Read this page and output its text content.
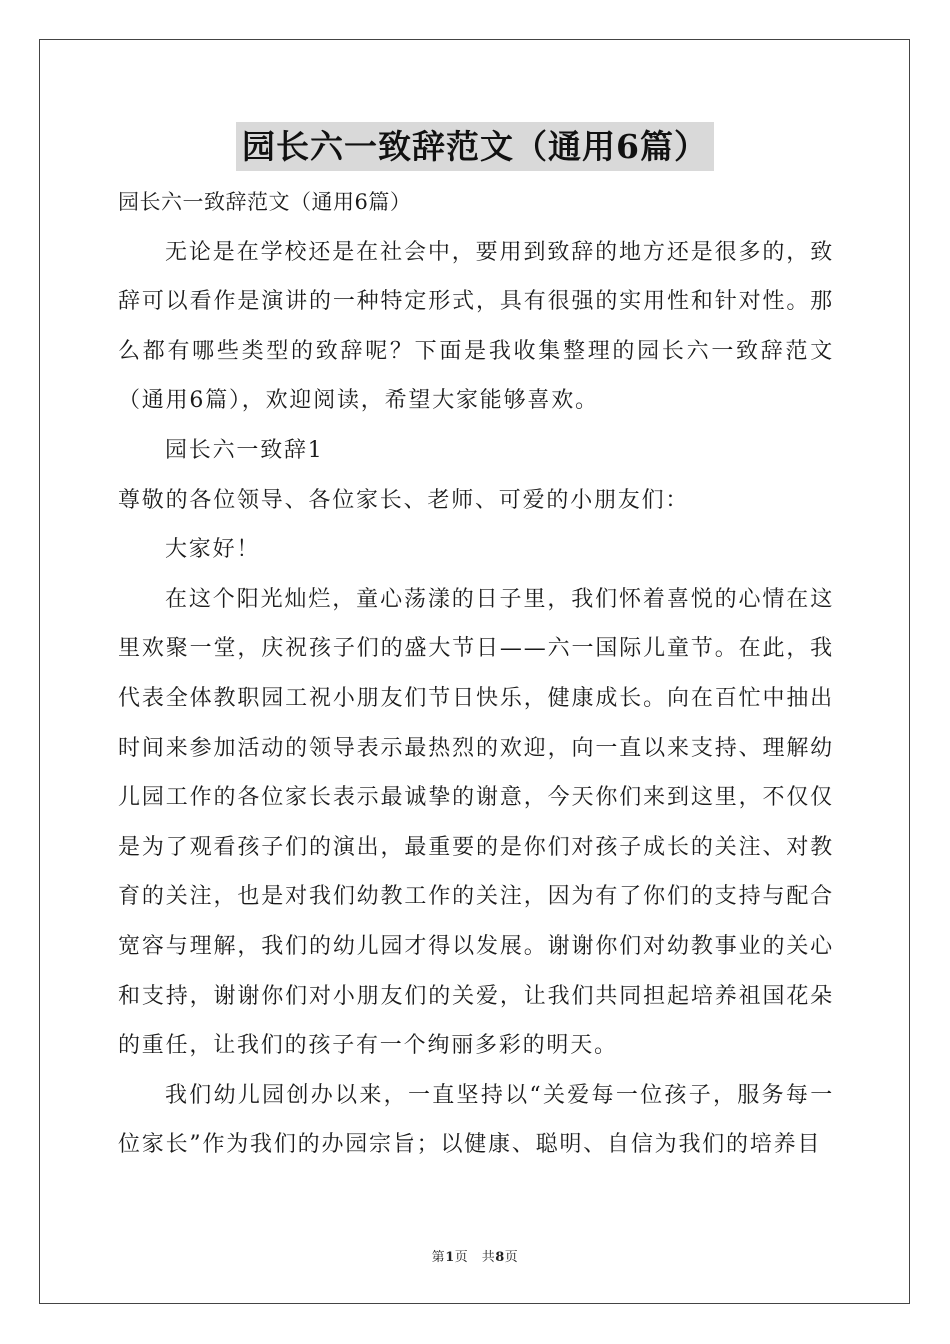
园长六一致辞范文（通用6篇）

园长六一致辞范文（通用6篇）

无论是在学校还是在社会中，要用到致辞的地方还是很多的，致辞可以看作是演讲的一种特定形式，具有很强的实用性和针对性。那么都有哪些类型的致辞呢？下面是我收集整理的园长六一致辞范文（通用6篇），欢迎阅读，希望大家能够喜欢。

园长六一致辞1

尊敬的各位领导、各位家长、老师、可爱的小朋友们：

大家好！

在这个阳光灿烂，童心荡漾的日子里，我们怀着喜悦的心情在这里欢聚一堂，庆祝孩子们的盛大节日——六一国际儿童节。在此，我代表全体教职园工祝小朋友们节日快乐，健康成长。向在百忙中抽出时间来参加活动的领导表示最热烈的欢迎，向一直以来支持、理解幼儿园工作的各位家长表示最诚挚的谢意，今天你们来到这里，不仅仅是为了观看孩子们的演出，最重要的是你们对孩子成长的关注、对教育的关注，也是对我们幼教工作的关注，因为有了你们的支持与配合宽容与理解，我们的幼儿园才得以发展。谢谢你们对幼教事业的关心和支持，谢谢你们对小朋友们的关爱，让我们共同担起培养祖国花朵的重任，让我们的孩子有一个绚丽多彩的明天。

我们幼儿园创办以来，一直坚持以“关爱每一位孩子，服务每一位家长”作为我们的办园宗旨；以健康、聪明、自信为我们的培养目

第1页　共8页
